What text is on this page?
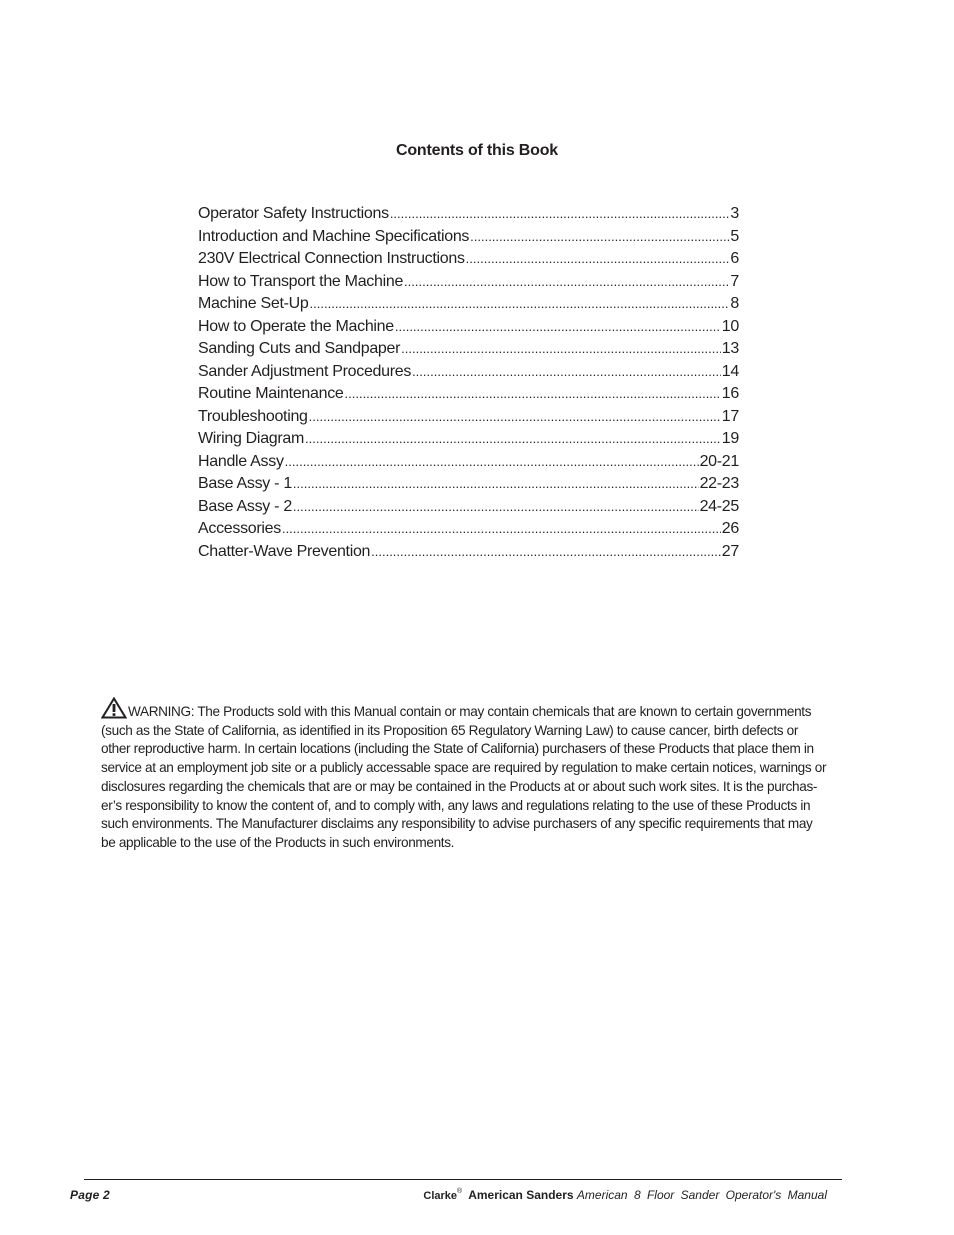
Contents of this Book
Operator Safety Instructions .....	3
Introduction and Machine Specifications .....	5
230V Electrical Connection Instructions .....	6
How to Transport the Machine .....	7
Machine Set-Up .....	8
How to Operate the Machine .....	10
Sanding Cuts and Sandpaper .....	13
Sander Adjustment Procedures .....	14
Routine Maintenance .....	16
Troubleshooting .....	17
Wiring Diagram .....	19
Handle Assy .....	20-21
Base Assy - 1 .....	22-23
Base Assy - 2 .....	24-25
Accessories .....	26
Chatter-Wave Prevention .....	27
WARNING: The Products sold with this Manual contain or may contain chemicals that are known to certain governments (such as the State of California, as identified in its Proposition 65 Regulatory Warning Law) to cause cancer, birth defects or other reproductive harm. In certain locations (including the State of California) purchasers of these Products that place them in service at an employment job site or a publicly accessable space are required by regulation to make certain notices, warnings or disclosures regarding the chemicals that are or may be contained in the Products at or about such work sites. It is the purchas-er’s responsibility to know the content of, and to comply with, any laws and regulations relating to the use of these Products in such environments. The Manufacturer disclaims any responsibility to advise purchasers of any specific requirements that may be applicable to the use of the Products in such environments.
Page 2	Clarke® American Sanders American 8 Floor Sander Operator's Manual
